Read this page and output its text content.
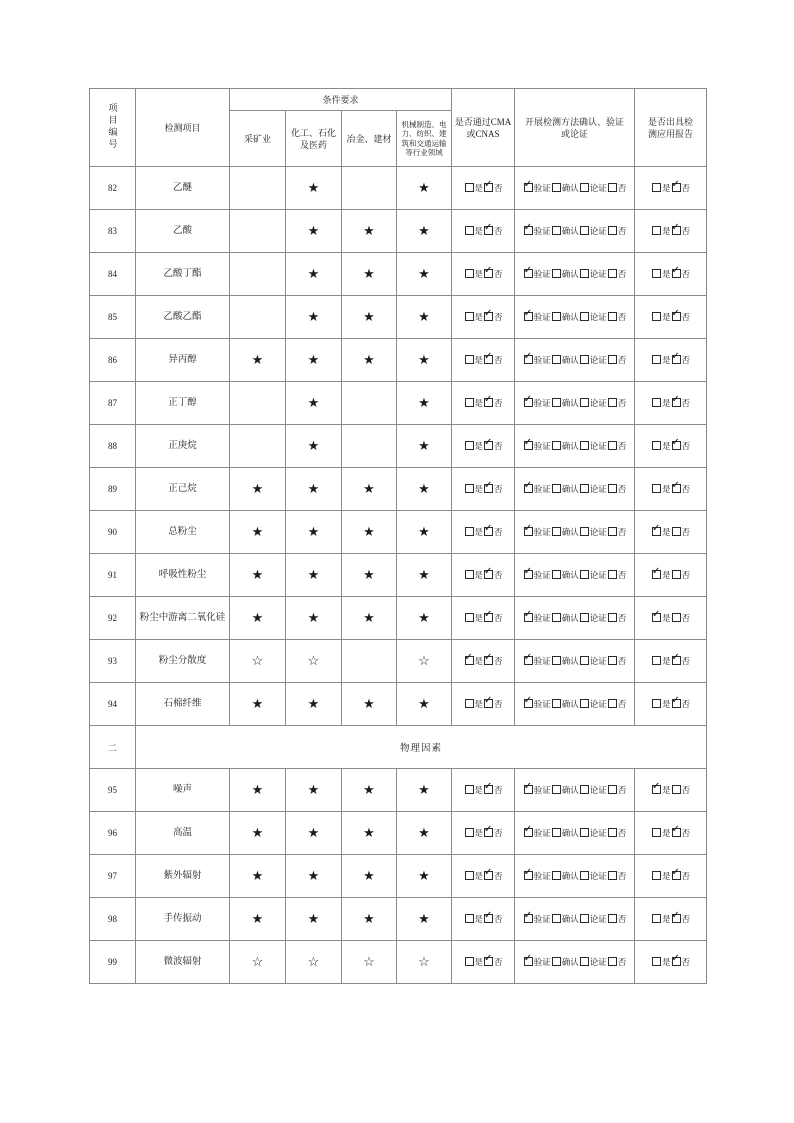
项目编号	检测项目	条件要求				是否通过CMA或CNAS	开展检测方法确认、验证或论证	是否出具检测应用报告
		采矿业	化工、石化及医药	冶金、建材	机械制造、电力、纺织、建筑和交通运输等行业领域			
82	乙醚		★		★	是 ✓ 否	✓ 验证 确认 论证 否	是 ✓ 否
83	乙酸		★	★	★	是 ✓ 否	✓ 验证 确认 论证 否	是 ✓ 否
84	乙酸丁酯		★	★	★	是 ✓ 否	✓ 验证 确认 论证 否	是 ✓ 否
85	乙酸乙酯		★	★	★	是 ✓ 否	✓ 验证 确认 论证 否	是 ✓ 否
86	异丙醇	★	★	★	★	是 ✓ 否	✓ 验证 确认 论证 否	是 ✓ 否
87	正丁醇		★		★	是 ✓ 否	✓ 验证 确认 论证 否	是 ✓ 否
88	正庚烷		★		★	是 ✓ 否	✓ 验证 确认 论证 否	是 ✓ 否
89	正己烷	★	★	★	★	是 ✓ 否	✓ 验证 确认 论证 否	是 ✓ 否
90	总粉尘	★	★	★	★	是 ✓ 否	✓ 验证 确认 论证 否	✓ 是 否
91	呼吸性粉尘	★	★	★	★	是 ✓ 否	✓ 验证 确认 论证 否	✓ 是 否
92	粉尘中游离二氧化硅	★	★	★	★	是 ✓ 否	✓ 验证 确认 论证 否	✓ 是 否
93	粉尘分散度	☆	☆		☆	✓ 是 ✓ 否	✓ 验证 确认 论证 否	是 ✓ 否
94	石棉纤维	★	★	★	★	是 ✓ 否	✓ 验证 确认 论证 否	是 ✓ 否
二	物理因素							
95	噪声	★	★	★	★	是 ✓ 否	✓ 验证 确认 论证 否	✓ 是 否
96	高温	★	★	★	★	是 ✓ 否	✓ 验证 确认 论证 否	是 ✓ 否
97	紫外辐射	★	★	★	★	是 ✓ 否	✓ 验证 确认 论证 否	是 ✓ 否
98	手传振动	★	★	★	★	是 ✓ 否	✓ 验证 确认 论证 否	是 ✓ 否
99	微波辐射	☆	☆	☆	☆	是 ✓ 否	✓ 验证 确认 论证 否	是 ✓ 否
